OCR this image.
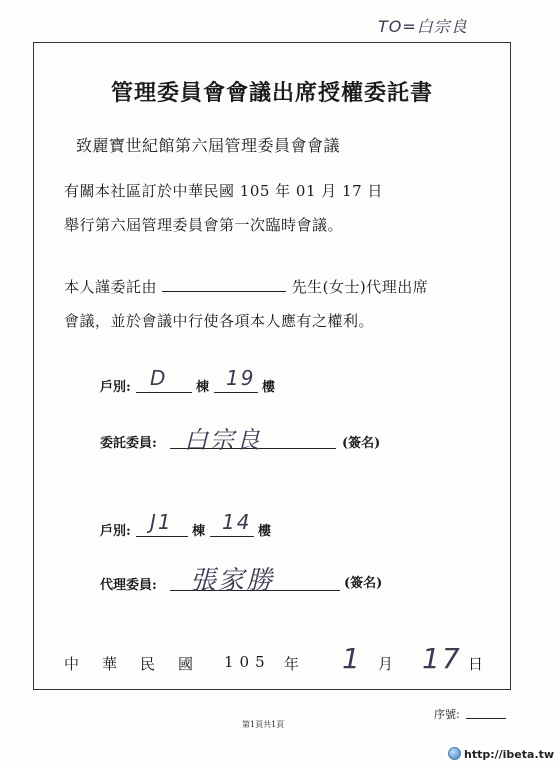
TO=白宗良
管理委員會會議出席授權委託書
致麗寶世紀館第六屆管理委員會會議
有關本社區訂於中華民國 105 年 01 月 17 日
舉行第六屆管理委員會第一次臨時會議。
本人謹委託由	先生(女士)代理出席
會議，並於會議中行使各項本人應有之權利。
戶別: D 棟 19 樓
委託委員: 白宗良	(簽名)
戶別: J1 棟 14 樓
代理委員: 張家勝	(簽名)
中 華 民 國 105 年 1 月 17 日
序號:
第1頁共1頁
http://ibeta.tw
